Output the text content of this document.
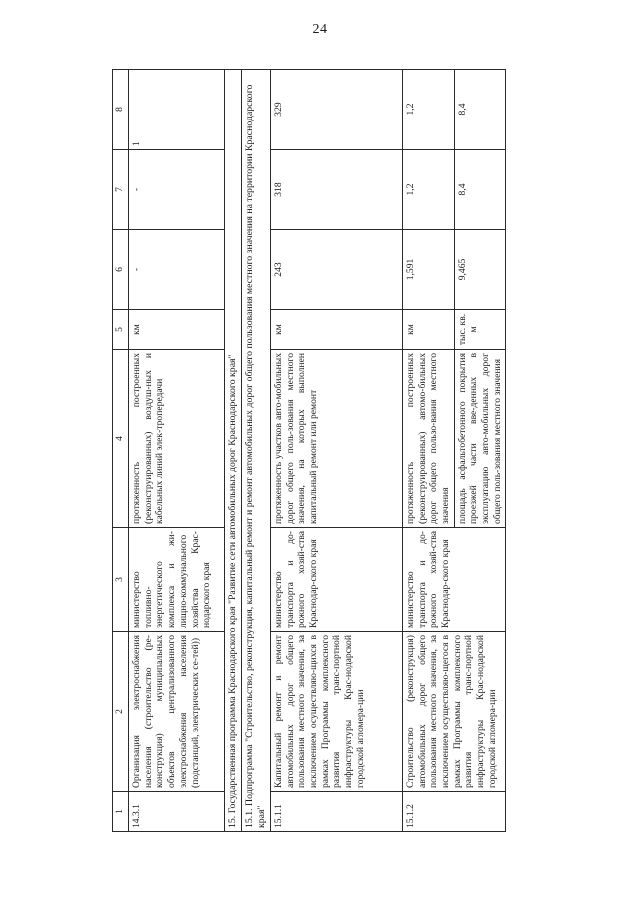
24
1	2	3	4	5	6	7	8
14.3.1	Организация электроснабжения населения (строительство (ре-конструкция) муниципальных объектов централизованного электроснабжения населения (подстанций, электрических се-тей))	министерство топливно-энергетического комплекса и жи-лищно-коммунального хозяйства Крас-нодарского края	протяженность построенных (реконструированных) воздуш-ных и кабельных линий элек-тропередачи	км	-	-	1
15. Государственная программа Краснодарского края "Развитие сети автомобильных дорог Краснодарского края"							
15.1. Подпрограмма "Строительство, реконструкция, капитальный ремонт и ремонт автомобильных дорог общего пользования местного значения на территории Краснодарского края"							
15.1.1	Капитальный ремонт и ремонт автомобильных дорог общего пользования местного значения, за исключением осуществляю-щихся в рамках Программы комплексного развития транс-портной инфраструктуры Крас-нодарской городской агломера-ции	министерство транспорта и до-рожного хозяй-ства Краснодар-ского края	протяженность участков авто-мобильных дорог общего поль-зования местного значения, на которых выполнен капитальный ремонт или ремонт	км	243	318	329
15.1.2	Строительство (реконструкция) автомобильных дорог общего пользования местного значения, за исключением осуществляю-щегося в рамках Программы комплексного развития транс-портной инфраструктуры Крас-нодарской городской агломера-ции	министерство транспорта и до-рожного хозяй-ства Краснодар-ского края	протяженность построенных (реконструированных) автомо-бильных дорог общего пользо-вания местного значения	км	1,591	1,2	1,2
			площадь асфальтобетонного покрытия проезжей части вве-денных в эксплуатацию авто-мобильных дорог общего поль-зования местного значения	тыс. кв. м	9,465	8,4	8,4
